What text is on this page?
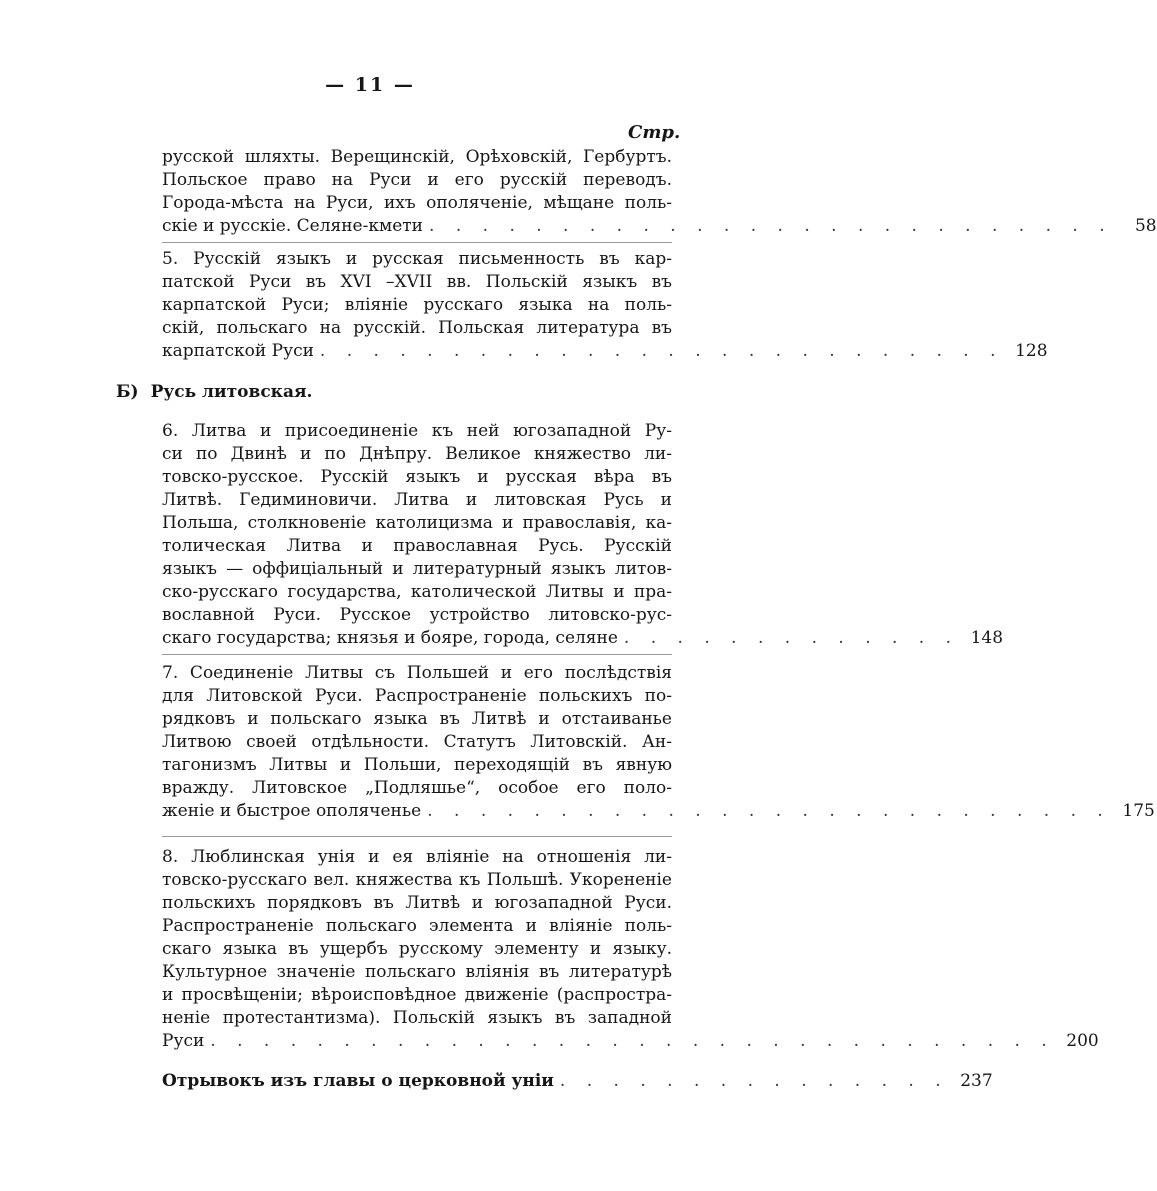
— 11 —
Стр.
русской шляхты. Верещинскій, Орѣховскій, Гербуртъ.
Польское право на Руси и его русскій переводъ.
Города-мѣста на Руси, ихъ ополяченіе, мѣщане поль-
скіе и русскіе. Селяне-кмети . . . . . . . . . . . . . . . . . . . . . . . . . .	58
5. Русскій языкъ и русская письменность въ кар-
патской Руси въ XVI –XVII вв. Польскій языкъ въ
карпатской Руси; вліяніе русскаго языка на поль-
скій, польскаго на русскій. Польская литература въ
карпатской Руси . . . . . . . . . . . . . . . . . . . . . . . . . . 128
Б) Русь литовская.
6. Литва и присоединеніе къ ней югозападной Ру-
си по Двинѣ и по Днѣпру. Великое княжество ли-
товско-русское. Русскій языкъ и русская вѣра въ
Литвѣ. Гедиминовичи. Литва и литовская Русь и
Польша, столкновеніе католицизма и православія, ка-
толическая Литва и православная Русь. Русскій
языкъ — оффиціальный и литературный языкъ литов-
ско-русскаго государства, католической Литвы и пра-
вославной Руси. Русское устройство литовско-рус-
скаго государства; князья и бояре, города, селяне . . . . . . . . . . . . . 148
7. Соединеніе Литвы съ Польшей и его послѣдствія
для Литовской Руси. Распространеніе польскихъ по-
рядковъ и польскаго языка въ Литвѣ и отстаиванье
Литвою своей отдѣльности. Статутъ Литовскій. Ан-
тагонизмъ Литвы и Польши, переходящій въ явную
вражду. Литовское „Подляшье“, особое его поло-
женіе и быстрое ополяченье . . . . . . . . . . . . . . . . . . . . . . . . . . 175
8. Люблинская унія и ея вліяніе на отношенія ли-
товско-русскаго вел. княжества къ Польшѣ. Укорененіе
польскихъ порядковъ въ Литвѣ и югозападной Руси.
Распространеніе польскаго элемента и вліяніе поль-
скаго языка въ ущербъ русскому элементу и языку.
Культурное значеніе польскаго вліянія въ литературѣ
и просвѣщеніи; вѣроисповѣдное движеніе (распростра-
неніе протестантизма). Польскій языкъ въ западной
Руси . . . . . . . . . . . . . . . . . . . . . . . . . . . . . . . . 200
Отрывокъ изъ главы о церковной уніи . . . . . . . . . . . . . . . 237
